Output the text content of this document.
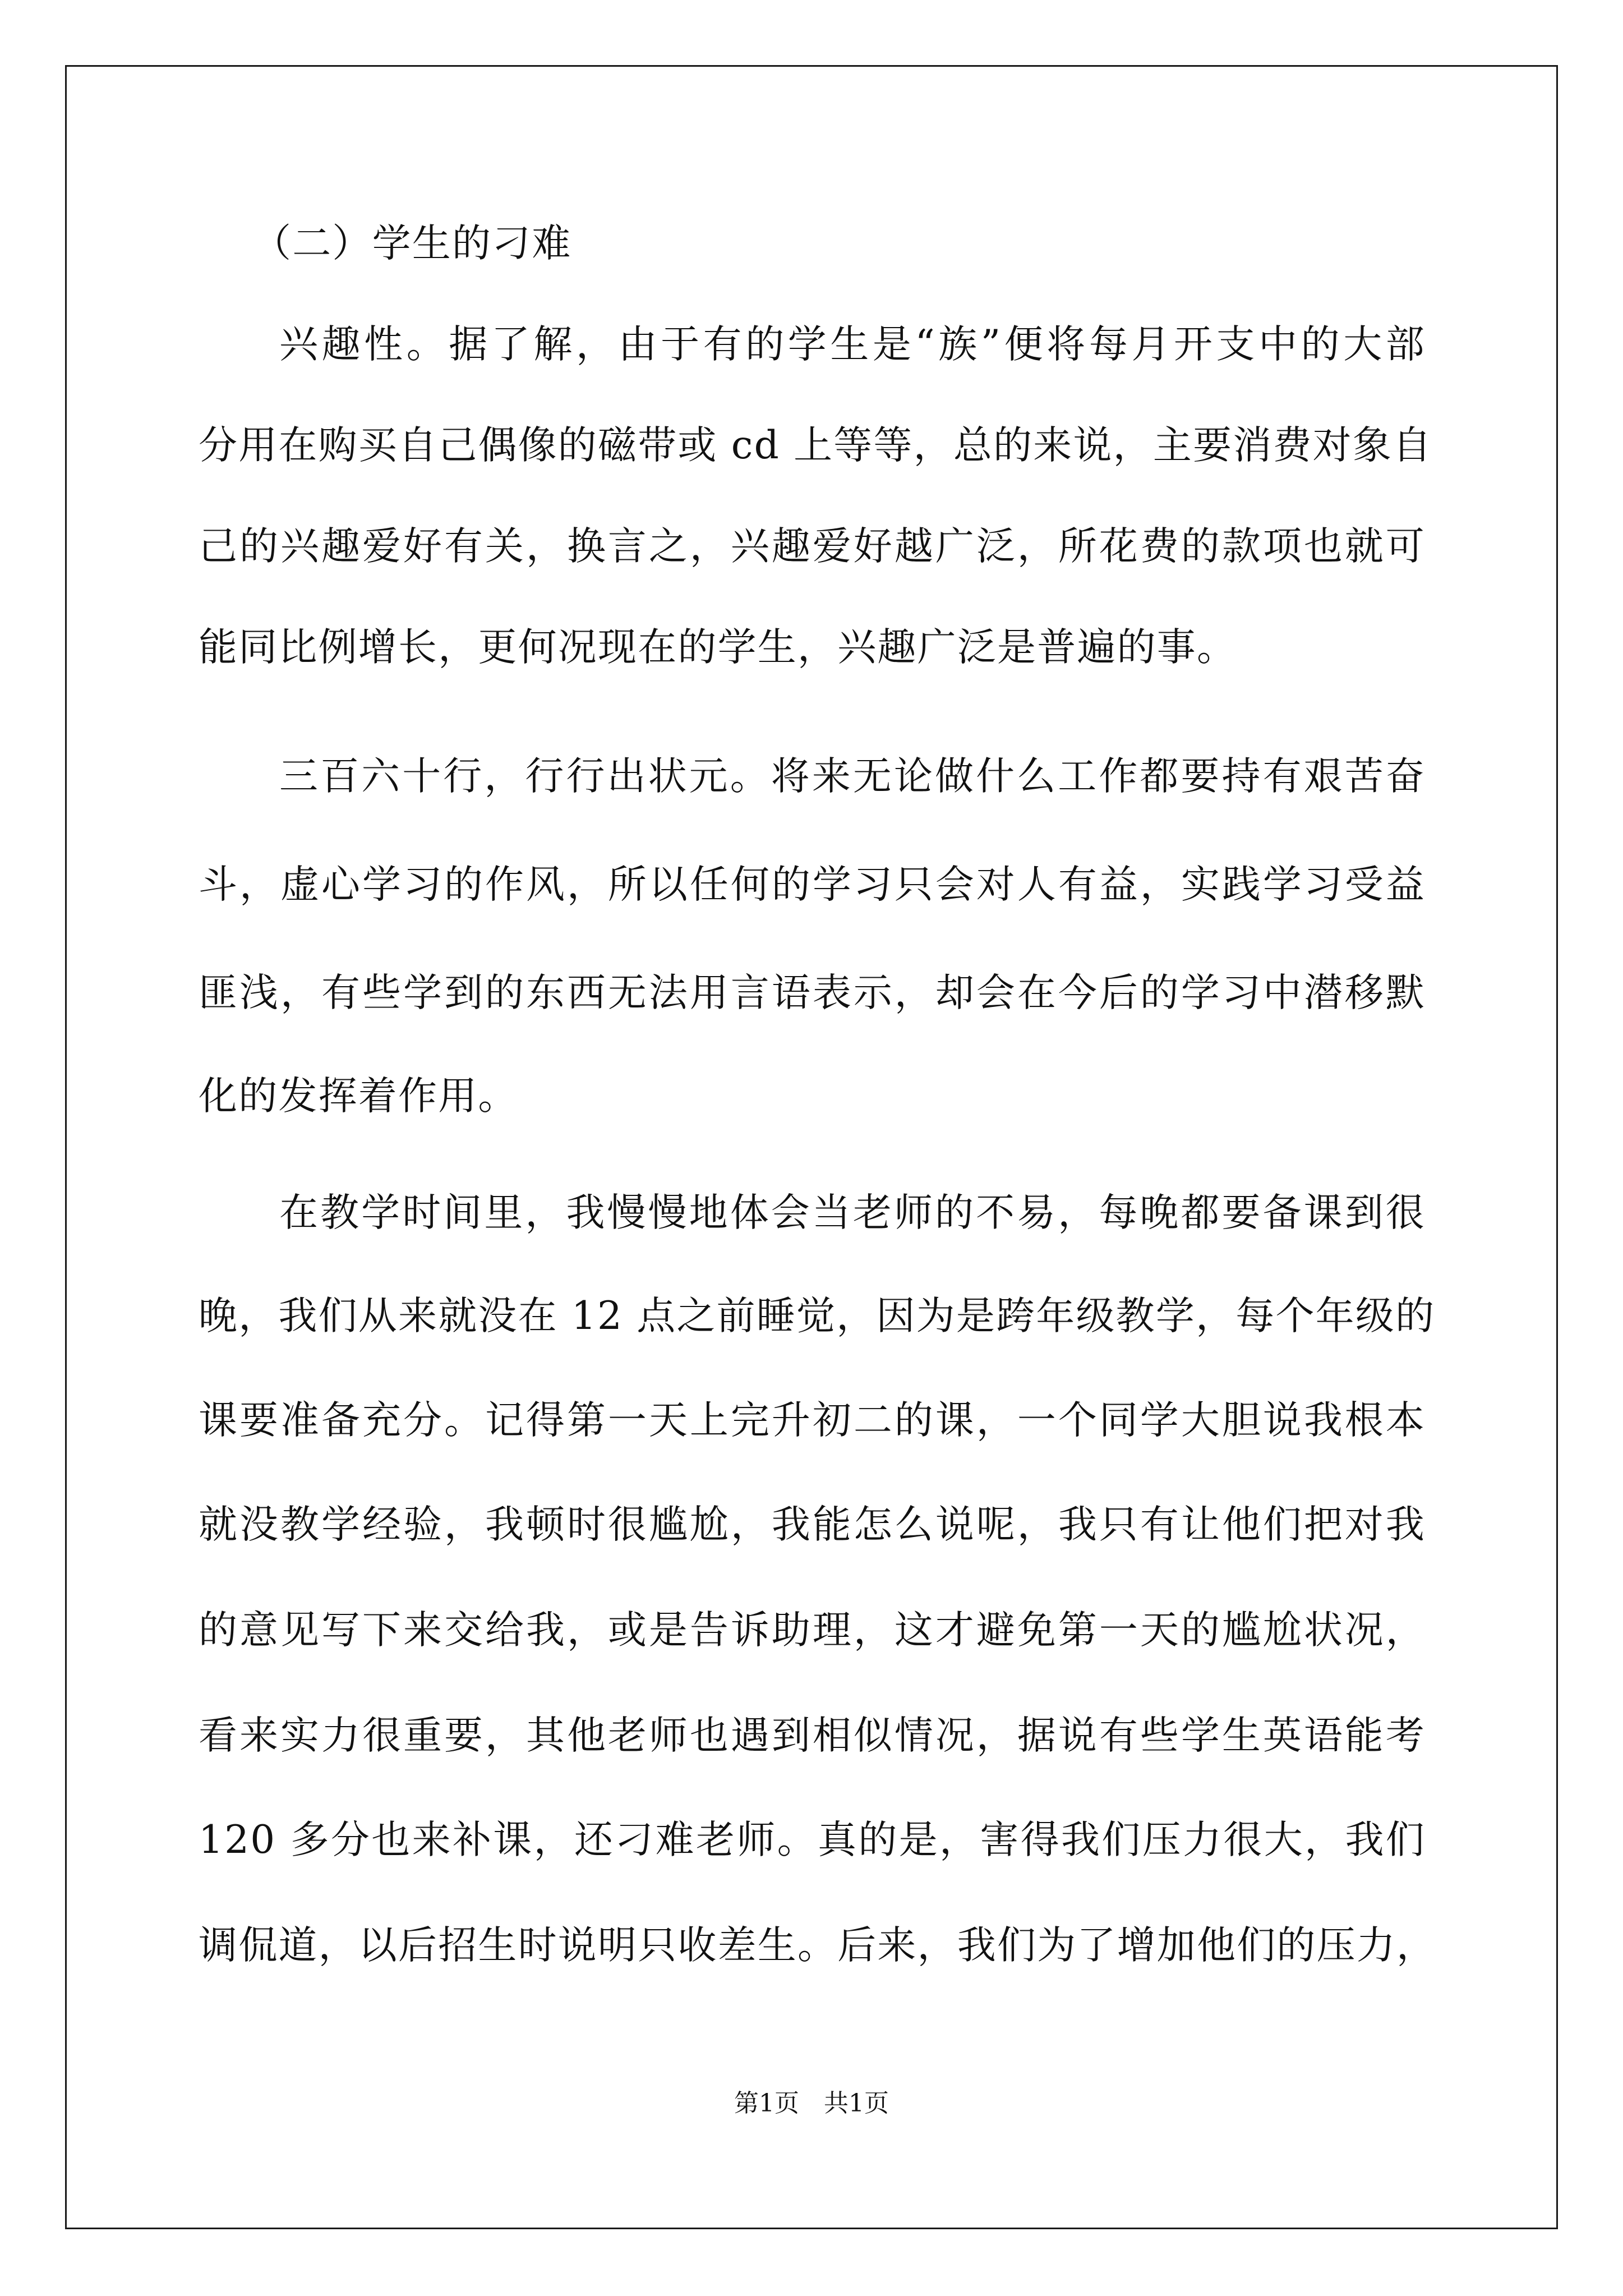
（二）学生的刁难
兴趣性。据了解，由于有的学生是“族”便将每月开支中的大部
分用在购买自己偶像的磁带或 cd 上等等，总的来说，主要消费对象自
己的兴趣爱好有关，换言之，兴趣爱好越广泛，所花费的款项也就可
能同比例增长，更何况现在的学生，兴趣广泛是普遍的事。
三百六十行，行行出状元。将来无论做什么工作都要持有艰苦奋
斗，虚心学习的作风，所以任何的学习只会对人有益，实践学习受益
匪浅，有些学到的东西无法用言语表示，却会在今后的学习中潜移默
化的发挥着作用。
在教学时间里，我慢慢地体会当老师的不易，每晚都要备课到很
晚，我们从来就没在 12 点之前睡觉，因为是跨年级教学，每个年级的
课要准备充分。记得第一天上完升初二的课，一个同学大胆说我根本
就没教学经验，我顿时很尴尬，我能怎么说呢，我只有让他们把对我
的意见写下来交给我，或是告诉助理，这才避免第一天的尴尬状况，
看来实力很重要，其他老师也遇到相似情况，据说有些学生英语能考
120 多分也来补课，还刁难老师。真的是，害得我们压力很大，我们
调侃道，以后招生时说明只收差生。后来，我们为了增加他们的压力，
第1页　共1页
